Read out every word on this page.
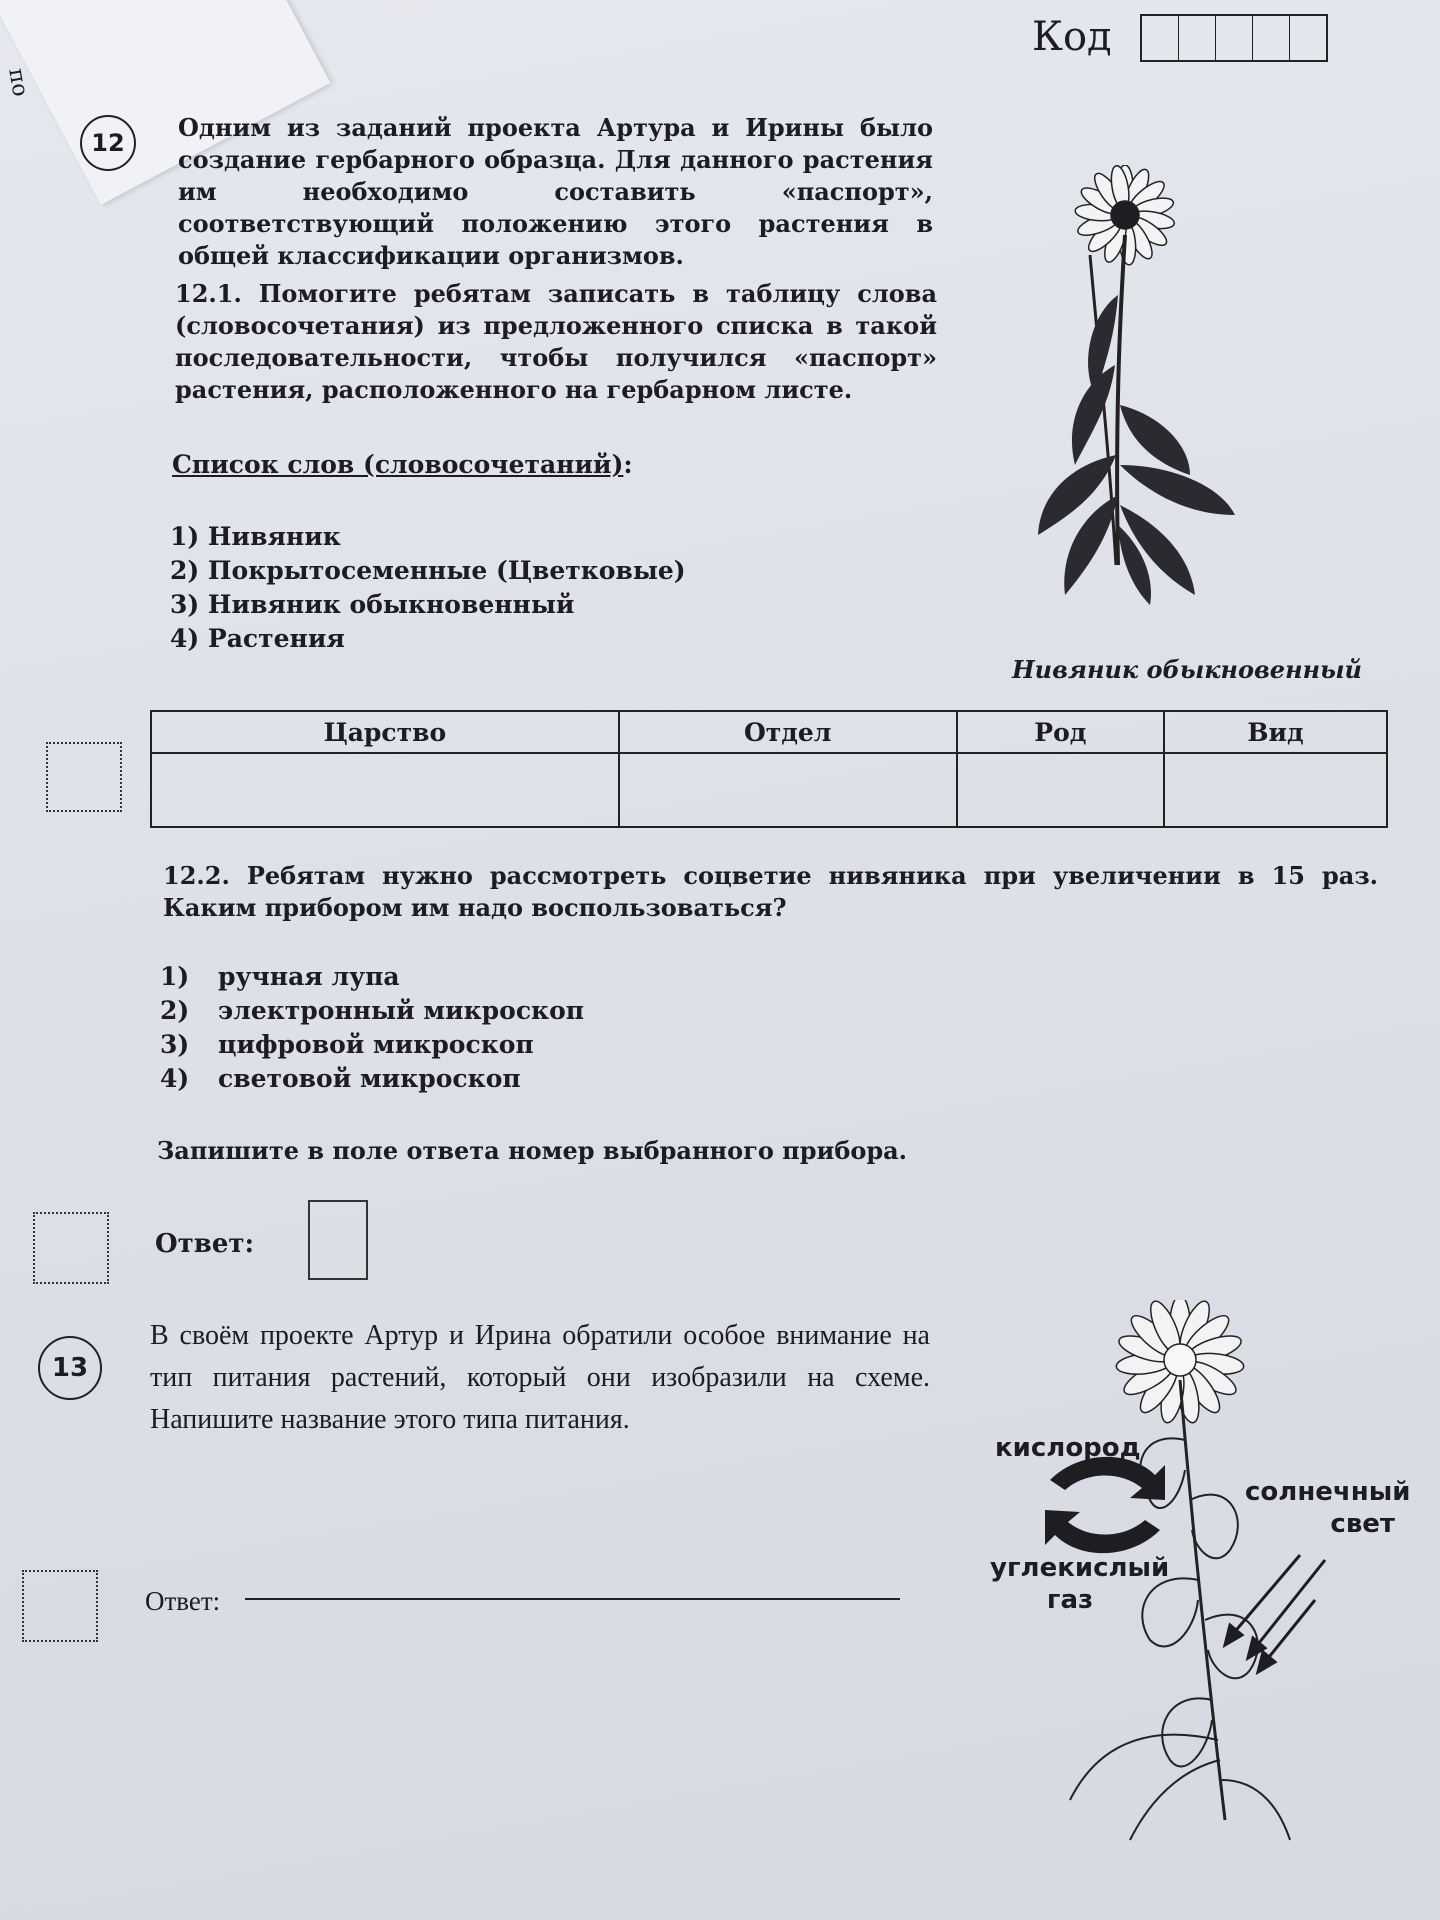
по
Код
12
Одним из заданий проекта Артура и Ирины было создание гербарного образца. Для данного растения им необходимо составить «паспорт», соответствующий положению этого растения в общей классификации организмов.
12.1. Помогите ребятам записать в таблицу слова (словосочетания) из предложенного списка в такой последовательности, чтобы получился «паспорт» растения, расположенного на гербарном листе.
Список слов (словосочетаний):
1) Нивяник
2) Покрытосеменные (Цветковые)
3) Нивяник обыкновенный
4) Растения
Нивяник обыкновенный
Царство	Отдел	Род	Вид

12.2. Ребятам нужно рассмотреть соцветие нивяника при увеличении в 15 раз. Каким прибором им надо воспользоваться?
1) ручная лупа
2) электронный микроскоп
3) цифровой микроскоп
4) световой микроскоп
Запишите в поле ответа номер выбранного прибора.
Ответ:
13
В своём проекте Артур и Ирина обратили особое внимание на тип питания растений, который они изобразили на схеме. Напишите название этого типа питания.
Ответ:
кислород
углекислый
газ
солнечный
свет
